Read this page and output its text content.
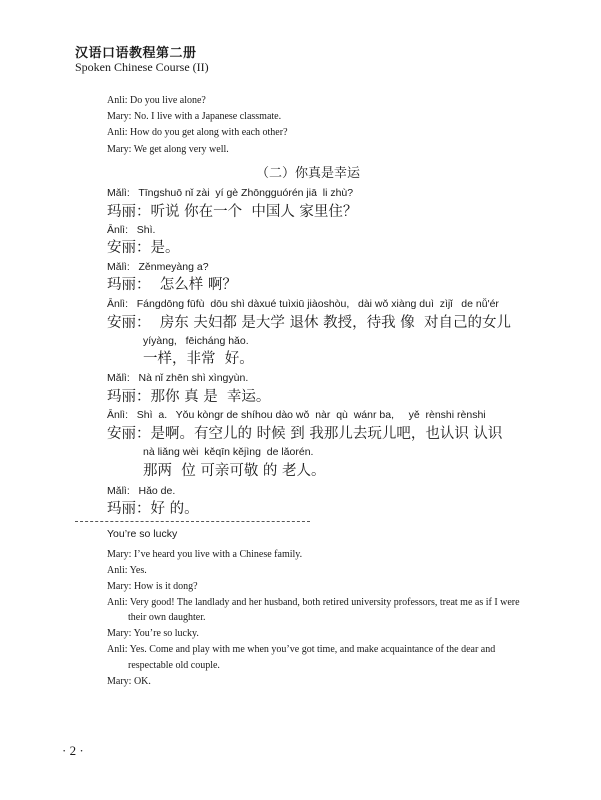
汉语口语教程第二册
Spoken Chinese Course (II)
Anli: Do you live alone?
Mary: No. I live with a Japanese classmate.
Anli: How do you get along with each other?
Mary: We get along very well.
（二）你真是幸运
Mǎlì:   Tīngshuō nǐ zài  yí gè Zhōngguórén jiā  li zhù?
玛丽：听说 你在一个  中国人 家里住？
Ānlì:   Shì.
安丽：是。
Mǎlì:   Zěnmeyàng a?
玛丽：  怎么样 啊？
Ānlì:   Fángdōng fūfù  dōu shì dàxué tuìxiū jiàoshòu,   dài wǒ xiàng duì  zìjǐ   de nǚ'ér
安丽：  房东 夫妇都 是大学 退休 教授，待我 像  对自己的女儿
yíyàng,   fēicháng hǎo.
一样，非常  好。
Mǎlì:   Nà nǐ zhēn shì xìngyùn.
玛丽：那你 真 是  幸运。
Ānlì:   Shì  a.   Yǒu kòngr de shíhou dào wǒ  nàr  qù  wánr ba,     yě  rènshi rènshi
安丽：是啊。有空儿的 时候 到 我那儿去玩儿吧，也认识 认识
nà liǎng wèi  kěqīn kějìng  de lǎorén.
那两  位 可亲可敬 的 老人。
Mǎlì:   Hǎo de.
玛丽：好 的。
You’re so lucky
Mary: I’ve heard you live with a Chinese family.
Anli: Yes.
Mary: How is it dong?
Anli: Very good! The landlady and her husband, both retired university professors, treat me as if I were
their own daughter.
Mary: You’re so lucky.
Anli: Yes. Come and play with me when you’ve got time, and make acquaintance of the dear and
respectable old couple.
Mary: OK.
· 2 ·
